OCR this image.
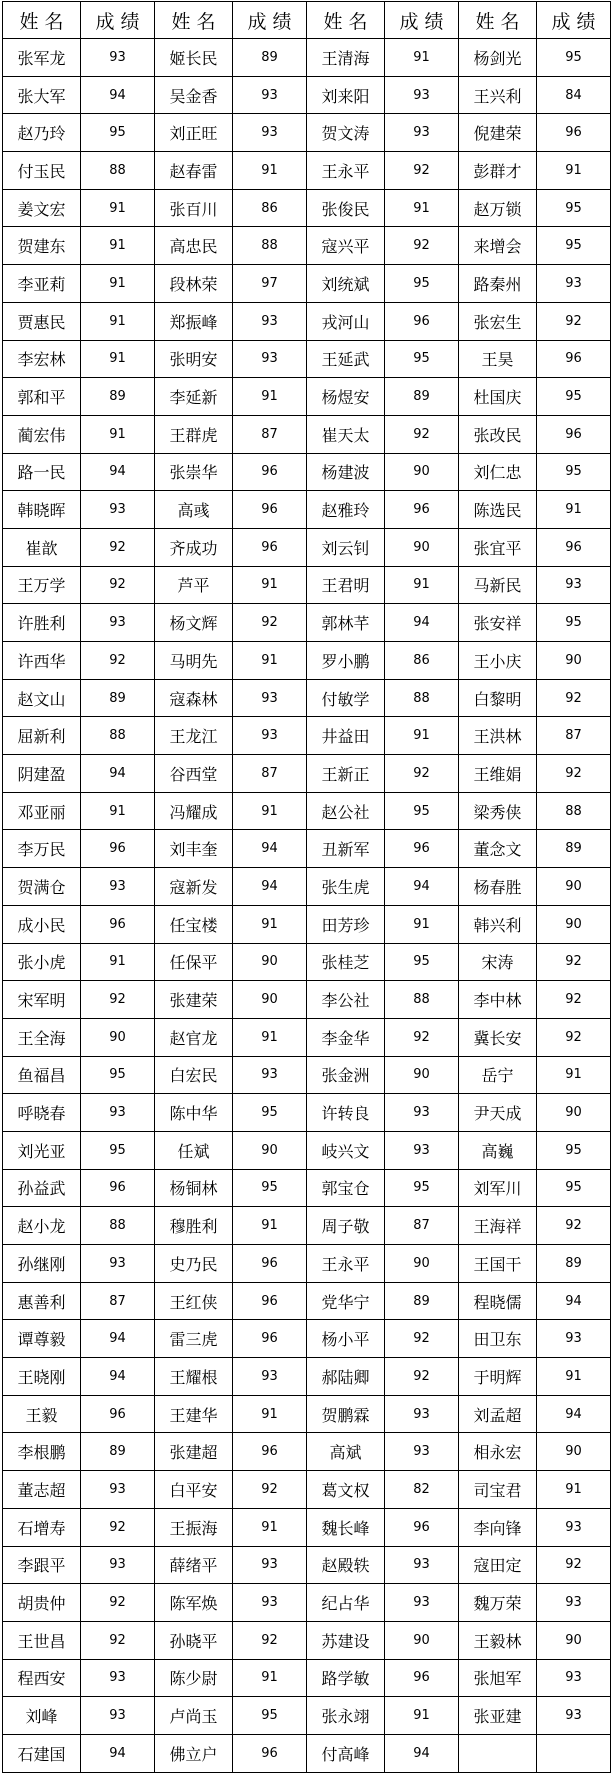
姓 名	成 绩	姓 名	成 绩	姓 名	成 绩	姓 名	成 绩
张军龙	93	姬长民	89	王清海	91	杨剑光	95
张大军	94	吴金香	93	刘来阳	93	王兴利	84
赵乃玲	95	刘正旺	93	贺文涛	93	倪建荣	96
付玉民	88	赵春雷	91	王永平	92	彭群才	91
姜文宏	91	张百川	86	张俊民	91	赵万锁	95
贺建东	91	高忠民	88	寇兴平	92	来增会	95
李亚莉	91	段林荣	97	刘统斌	95	路秦州	93
贾惠民	91	郑振峰	93	戎河山	96	张宏生	92
李宏林	91	张明安	93	王延武	95	王昊	96
郭和平	89	李延新	91	杨煜安	89	杜国庆	95
蔺宏伟	91	王群虎	87	崔天太	92	张改民	96
路一民	94	张崇华	96	杨建波	90	刘仁忠	95
韩晓晖	93	高彧	96	赵雅玲	96	陈选民	91
崔歆	92	齐成功	96	刘云钊	90	张宜平	96
王万学	92	芦平	91	王君明	91	马新民	93
许胜利	93	杨文辉	92	郭林芊	94	张安祥	95
许西华	92	马明先	91	罗小鹏	86	王小庆	90
赵文山	89	寇森林	93	付敏学	88	白黎明	92
屈新利	88	王龙江	93	井益田	91	王洪林	87
阴建盈	94	谷西堂	87	王新正	92	王维娟	92
邓亚丽	91	冯耀成	91	赵公社	95	梁秀侠	88
李万民	96	刘丰奎	94	丑新军	96	董念文	89
贺满仓	93	寇新发	94	张生虎	94	杨春胜	90
成小民	96	任宝楼	91	田芳珍	91	韩兴利	90
张小虎	91	任保平	90	张桂芝	95	宋涛	92
宋军明	92	张建荣	90	李公社	88	李中林	92
王全海	90	赵官龙	91	李金华	92	冀长安	92
鱼福昌	95	白宏民	93	张金洲	90	岳宁	91
呼晓春	93	陈中华	95	许转良	93	尹天成	90
刘光亚	95	任斌	90	岐兴文	93	高巍	95
孙益武	96	杨铜林	95	郭宝仓	95	刘军川	95
赵小龙	88	穆胜利	91	周子敬	87	王海祥	92
孙继刚	93	史乃民	96	王永平	90	王国干	89
惠善利	87	王红侠	96	党华宁	89	程晓儒	94
谭尊毅	94	雷三虎	96	杨小平	92	田卫东	93
王晓刚	94	王耀根	93	郝陆卿	92	于明辉	91
王毅	96	王建华	91	贺鹏霖	93	刘孟超	94
李根鹏	89	张建超	96	高斌	93	相永宏	90
董志超	93	白平安	92	葛文权	82	司宝君	91
石增寿	92	王振海	91	魏长峰	96	李向锋	93
李跟平	93	薛绪平	93	赵殿轶	93	寇田定	92
胡贵仲	92	陈军焕	93	纪占华	93	魏万荣	93
王世昌	92	孙晓平	92	苏建设	90	王毅林	90
程西安	93	陈少尉	91	路学敏	96	张旭军	93
刘峰	93	卢尚玉	95	张永翊	91	张亚建	93
石建国	94	佛立户	96	付高峰	94		
